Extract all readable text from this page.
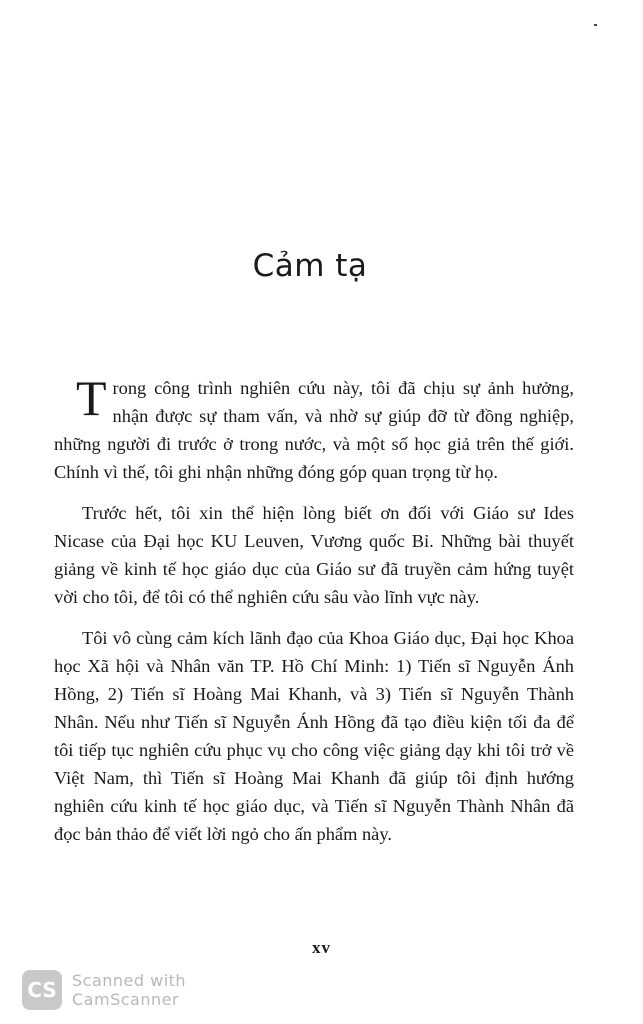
Cảm tạ

Trong công trình nghiên cứu này, tôi đã chịu sự ảnh hưởng, nhận được sự tham vấn, và nhờ sự giúp đỡ từ đồng nghiệp, những người đi trước ở trong nước, và một số học giả trên thế giới. Chính vì thế, tôi ghi nhận những đóng góp quan trọng từ họ.

Trước hết, tôi xin thể hiện lòng biết ơn đối với Giáo sư Ides Nicase của Đại học KU Leuven, Vương quốc Bỉ. Những bài thuyết giảng về kinh tế học giáo dục của Giáo sư đã truyền cảm hứng tuyệt vời cho tôi, để tôi có thể nghiên cứu sâu vào lĩnh vực này.

Tôi vô cùng cảm kích lãnh đạo của Khoa Giáo dục, Đại học Khoa học Xã hội và Nhân văn TP. Hồ Chí Minh: 1) Tiến sĩ Nguyễn Ánh Hồng, 2) Tiến sĩ Hoàng Mai Khanh, và 3) Tiến sĩ Nguyễn Thành Nhân. Nếu như Tiến sĩ Nguyễn Ánh Hồng đã tạo điều kiện tối đa để tôi tiếp tục nghiên cứu phục vụ cho công việc giảng dạy khi tôi trở về Việt Nam, thì Tiến sĩ Hoàng Mai Khanh đã giúp tôi định hướng nghiên cứu kinh tế học giáo dục, và Tiến sĩ Nguyễn Thành Nhân đã đọc bản thảo để viết lời ngỏ cho ấn phẩm này.

xv
CS Scanned with
CamScanner
